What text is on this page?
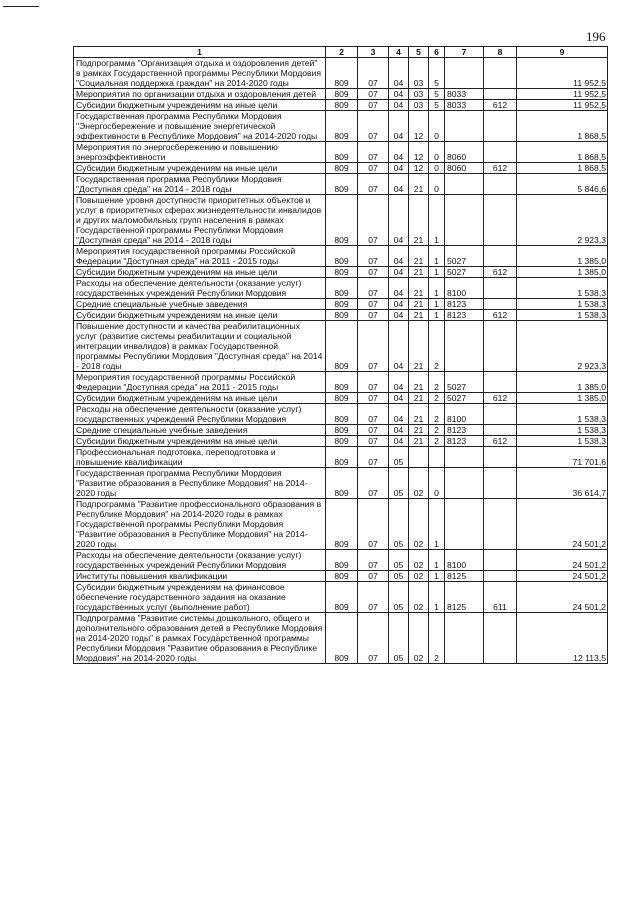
196
1	2	3	4	5	6	7	8	9
Подпрограмма "Организация отдыха и оздоровления детей" в рамках Государственной программы Республики Мордовия "Социальная поддержка граждан" на 2014-2020 годы	809	07	04	03	5			11 952,5
Мероприятия по организации отдыха и оздоровления детей	809	07	04	03	5	8033		11 952,5
Субсидии бюджетным учреждениям на иные цели	809	07	04	03	5	8033	612	11 952,5
Государственная программа Республики Мордовия "Энергосбережение и повышение энергетической эффективности в Республике Мордовия" на 2014-2020 годы	809	07	04	12	0			1 868,5
Мероприятия по энергосбережению и повышению энергоэффективности	809	07	04	12	0	8060		1 868,5
Субсидии бюджетным учреждениям на иные цели	809	07	04	12	0	8060	612	1 868,5
Государственная программа Республики Мордовия "Доступная среда" на 2014 - 2018 годы	809	07	04	21	0			5 846,6
Повышение уровня доступности приоритетных объектов и услуг в приоритетных сферах жизнедеятельности инвалидов и других маломобильных групп населения в рамках Государственной программы Республики Мордовия "Доступная среда" на 2014 - 2018 годы	809	07	04	21	1			2 923,3
Мероприятия государственной программы Российской Федерации "Доступная среда" на 2011 - 2015 годы	809	07	04	21	1	5027		1 385,0
Субсидии бюджетным учреждениям на иные цели	809	07	04	21	1	5027	612	1 385,0
Расходы на обеспечение деятельности (оказание услуг) государственных учреждений Республики Мордовия	809	07	04	21	1	8100		1 538,3
Средние специальные учебные заведения	809	07	04	21	1	8123		1 538,3
Субсидии бюджетным учреждениям на иные цели	809	07	04	21	1	8123	612	1 538,3
Повышение доступности и качества реабилитационных услуг (развитие системы реабилитации и социальной интеграции инвалидов) в рамках Государственной программы Республики Мордовия "Доступная среда" на 2014 - 2018 годы	809	07	04	21	2			2 923,3
Мероприятия государственной программы Российской Федерации "Доступная среда" на 2011 - 2015 годы	809	07	04	21	2	5027		1 385,0
Субсидии бюджетным учреждениям на иные цели	809	07	04	21	2	5027	612	1 385,0
Расходы на обеспечение деятельности (оказание услуг) государственных учреждений Республики Мордовия	809	07	04	21	2	8100		1 538,3
Средние специальные учебные заведения	809	07	04	21	2	8123		1 538,3
Субсидии бюджетным учреждениям на иные цели	809	07	04	21	2	8123	612	1 538,3
Профессиональная подготовка, переподготовка и повышение квалификации	809	07	05					71 701,6
Государственная программа Республики Мордовия "Развитие образования в Республике Мордовия" на 2014-2020 годы	809	07	05	02	0			36 614,7
Подпрограмма "Развитие профессионального образования в Республике Мордовия" на 2014-2020 годы в рамках Государственной программы Республики Мордовия "Развитие образования в Республике Мордовия" на 2014-2020 годы	809	07	05	02	1			24 501,2
Расходы на обеспечение деятельности (оказание услуг) государственных учреждений Республики Мордовия	809	07	05	02	1	8100		24 501,2
Институты повышения квалификации	809	07	05	02	1	8125		24 501,2
Субсидии бюджетным учреждениям на финансовое обеспечение государственного задания на оказание государственных услуг (выполнение работ)	809	07	05	02	1	8125	611	24 501,2
Подпрограмма "Развитие системы дошкольного, общего и дополнительного образования детей в Республике Мордовия на 2014-2020 годы" в рамках Государственной программы Республики Мордовия "Развитие образования в Республике Мордовия" на 2014-2020 годы	809	07	05	02	2			12 113,5
